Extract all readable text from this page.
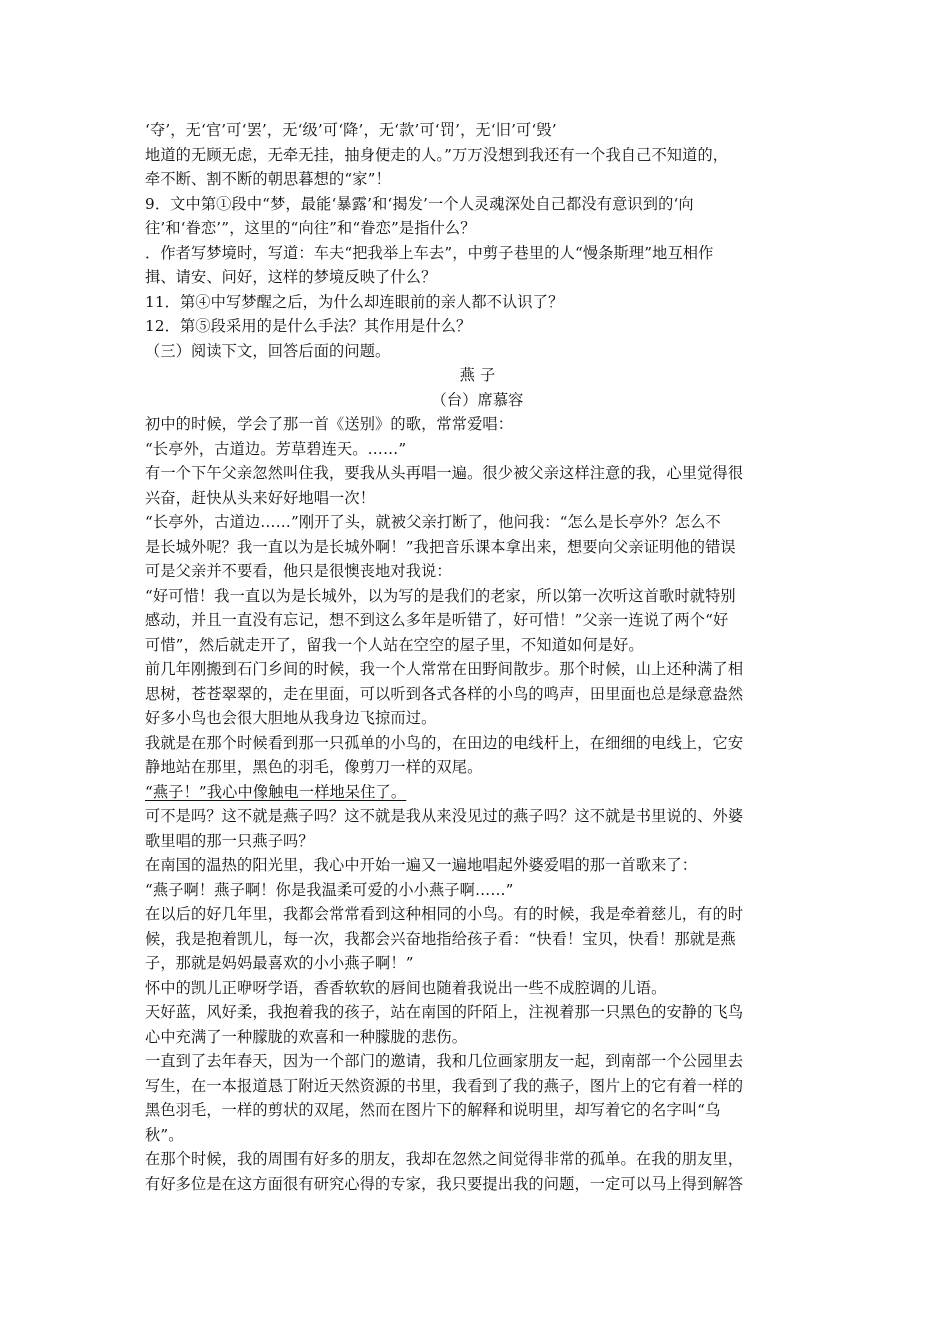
‘夺’，无‘官’可‘罢’，无‘级’可‘降’，无‘款’可‘罚’，无‘旧’可‘毁’

地道的无顾无虑，无牵无挂，抽身便走的人。”万万没想到我还有一个我自己不知道的，

牵不断、割不断的朝思暮想的“家”！

9．文中第①段中“梦，最能‘暴露’和‘揭发’一个人灵魂深处自己都没有意识到的‘向

往’和‘眷恋’”，这里的“向往”和“眷恋”是指什么？

．作者写梦境时，写道：车夫“把我举上车去”，中剪子巷里的人“慢条斯理”地互相作

揖、请安、问好，这样的梦境反映了什么？

11．第④中写梦醒之后，为什么却连眼前的亲人都不认识了？

12．第⑤段采用的是什么手法？其作用是什么？

（三）阅读下文，回答后面的问题。

燕 子

（台）席慕容

初中的时候，学会了那一首《送别》的歌，常常爱唱：

“长亭外，古道边。芳草碧连天。……”

有一个下午父亲忽然叫住我，要我从头再唱一遍。很少被父亲这样注意的我，心里觉得很

兴奋，赶快从头来好好地唱一次！

“长亭外，古道边……”刚开了头，就被父亲打断了，他问我：“怎么是长亭外？怎么不

是长城外呢？我一直以为是长城外啊！”我把音乐课本拿出来，想要向父亲证明他的错误

可是父亲并不要看，他只是很懊丧地对我说：

“好可惜！我一直以为是长城外，以为写的是我们的老家，所以第一次听这首歌时就特别

感动，并且一直没有忘记，想不到这么多年是听错了，好可惜！”父亲一连说了两个“好

可惜”，然后就走开了，留我一个人站在空空的屋子里，不知道如何是好。

前几年刚搬到石门乡间的时候，我一个人常常在田野间散步。那个时候，山上还种满了相

思树，苍苍翠翠的，走在里面，可以听到各式各样的小鸟的鸣声，田里面也总是绿意盎然

好多小鸟也会很大胆地从我身边飞掠而过。

我就是在那个时候看到那一只孤单的小鸟的，在田边的电线杆上，在细细的电线上，它安

静地站在那里，黑色的羽毛，像剪刀一样的双尾。

“燕子！”我心中像触电一样地呆住了。

可不是吗？这不就是燕子吗？这不就是我从来没见过的燕子吗？这不就是书里说的、外婆

歌里唱的那一只燕子吗？

在南国的温热的阳光里，我心中开始一遍又一遍地唱起外婆爱唱的那一首歌来了：

“燕子啊！燕子啊！你是我温柔可爱的小小燕子啊……”

在以后的好几年里，我都会常常看到这种相同的小鸟。有的时候，我是牵着慈儿，有的时

候，我是抱着凯儿，每一次，我都会兴奋地指给孩子看：“快看！宝贝，快看！那就是燕

子，那就是妈妈最喜欢的小小燕子啊！”

怀中的凯儿正咿呀学语，香香软软的唇间也随着我说出一些不成腔调的儿语。

天好蓝，风好柔，我抱着我的孩子，站在南国的阡陌上，注视着那一只黑色的安静的飞鸟

心中充满了一种朦胧的欢喜和一种朦胧的悲伤。

一直到了去年春天，因为一个部门的邀请，我和几位画家朋友一起，到南部一个公园里去

写生，在一本报道恳丁附近天然资源的书里，我看到了我的燕子，图片上的它有着一样的

黑色羽毛，一样的剪状的双尾，然而在图片下的解释和说明里，却写着它的名字叫“乌

秋”。

在那个时候，我的周围有好多的朋友，我却在忽然之间觉得非常的孤单。在我的朋友里，

有好多位是在这方面很有研究心得的专家，我只要提出我的问题，一定可以马上得到解答
